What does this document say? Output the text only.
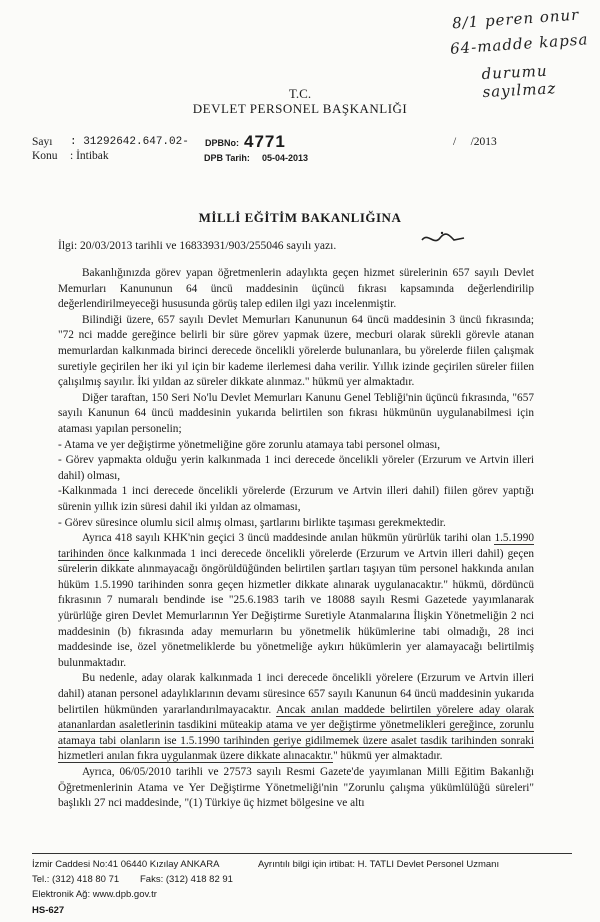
8/1 peren onur
64-madde kapsa
durumu sayılmaz
T.C.
DEVLET PERSONEL BAŞKANLIĞI
Sayı : 31292642.647.02-
Konu : İntibak
DPBNo: 4771
DPB Tarih: 05-04-2013
/     /2013
MİLLİ EĞİTİM BAKANLIĞINA
İlgi: 20/03/2013 tarihli ve 16833931/903/255046 sayılı yazı.

Bakanlığınızda görev yapan öğretmenlerin adaylıkta geçen hizmet sürelerinin 657 sayılı Devlet Memurları Kanununun 64 üncü maddesinin üçüncü fıkrası kapsamında değerlendirilip değerlendirilmeyeceği hususunda görüş talep edilen ilgi yazı incelenmiştir.

Bilindiği üzere, 657 sayılı Devlet Memurları Kanununun 64 üncü maddesinin 3 üncü fıkrasında; "72 nci madde gereğince belirli bir süre görev yapmak üzere, mecburi olarak sürekli görevle atanan memurlardan kalkınmada birinci derecede öncelikli yörelerde bulunanlara, bu yörelerde fiilen çalışmak suretiyle geçirilen her iki yıl için bir kademe ilerlemesi daha verilir. Yıllık izinde geçirilen süreler fiilen çalışılmış sayılır. İki yıldan az süreler dikkate alınmaz." hükmü yer almaktadır.

Diğer taraftan, 150 Seri No'lu Devlet Memurları Kanunu Genel Tebliği'nin üçüncü fıkrasında, "657 sayılı Kanunun 64 üncü maddesinin yukarıda belirtilen son fıkrası hükmünün uygulanabilmesi için ataması yapılan personelin;

- Atama ve yer değiştirme yönetmeliğine göre zorunlu atamaya tabi personel olması,

- Görev yapmakta olduğu yerin kalkınmada 1 inci derecede öncelikli yöreler (Erzurum ve Artvin illeri dahil) olması,

-Kalkınmada 1 inci derecede öncelikli yörelerde (Erzurum ve Artvin illeri dahil) fiilen görev yaptığı sürenin yıllık izin süresi dahil iki yıldan az olmaması,

- Görev süresince olumlu sicil almış olması, şartlarını birlikte taşıması gerekmektedir.

Ayrıca 418 sayılı KHK'nin geçici 3 üncü maddesinde anılan hükmün yürürlük tarihi olan 1.5.1990 tarihinden önce kalkınmada 1 inci derecede öncelikli yörelerde (Erzurum ve Artvin illeri dahil) geçen sürelerin dikkate alınmayacağı öngörüldüğünden belirtilen şartları taşıyan tüm personel hakkında anılan hüküm 1.5.1990 tarihinden sonra geçen hizmetler dikkate alınarak uygulanacaktır." hükmü, dördüncü fıkrasının 7 numaralı bendinde ise "25.6.1983 tarih ve 18088 sayılı Resmi Gazetede yayımlanarak yürürlüğe giren Devlet Memurlarının Yer Değiştirme Suretiyle Atanmalarına İlişkin Yönetmeliğin 2 nci maddesinin (b) fıkrasında aday memurların bu yönetmelik hükümlerine tabi olmadığı, 28 inci maddesinde ise, özel yönetmeliklerde bu yönetmeliğe aykırı hükümlerin yer alamayacağı belirtilmiş bulunmaktadır.

Bu nedenle, aday olarak kalkınmada 1 inci derecede öncelikli yörelere (Erzurum ve Artvin illeri dahil) atanan personel adaylıklarının devamı süresince 657 sayılı Kanunun 64 üncü maddesinin yukarıda belirtilen hükmünden yararlandırılmayacaktır. Ancak anılan maddede belirtilen yörelere aday olarak atananlardan asaletlerinin tasdikini müteakip atama ve yer değiştirme yönetmelikleri gereğince, zorunlu atamaya tabi olanların ise 1.5.1990 tarihinden geriye gidilmemek üzere asalet tasdik tarihinden sonraki hizmetleri anılan fıkra uygulanmak üzere dikkate alınacaktır." hükmü yer almaktadır.

Ayrıca, 06/05/2010 tarihli ve 27573 sayılı Resmi Gazete'de yayımlanan Milli Eğitim Bakanlığı Öğretmenlerinin Atama ve Yer Değiştirme Yönetmeliği'nin "Zorunlu çalışma yükümlülüğü süreleri" başlıklı 27 nci maddesinde, "(1) Türkiye üç hizmet bölgesine ve altı

İzmir Caddesi No:41 06440 Kızılay ANKARA	Ayrıntılı bilgi için irtibat: H. TATLI Devlet Personel Uzmanı
Tel.: (312) 418 80 71 Faks: (312) 418 82 91
Elektronik Ağ: www.dpb.gov.tr
HS-627
